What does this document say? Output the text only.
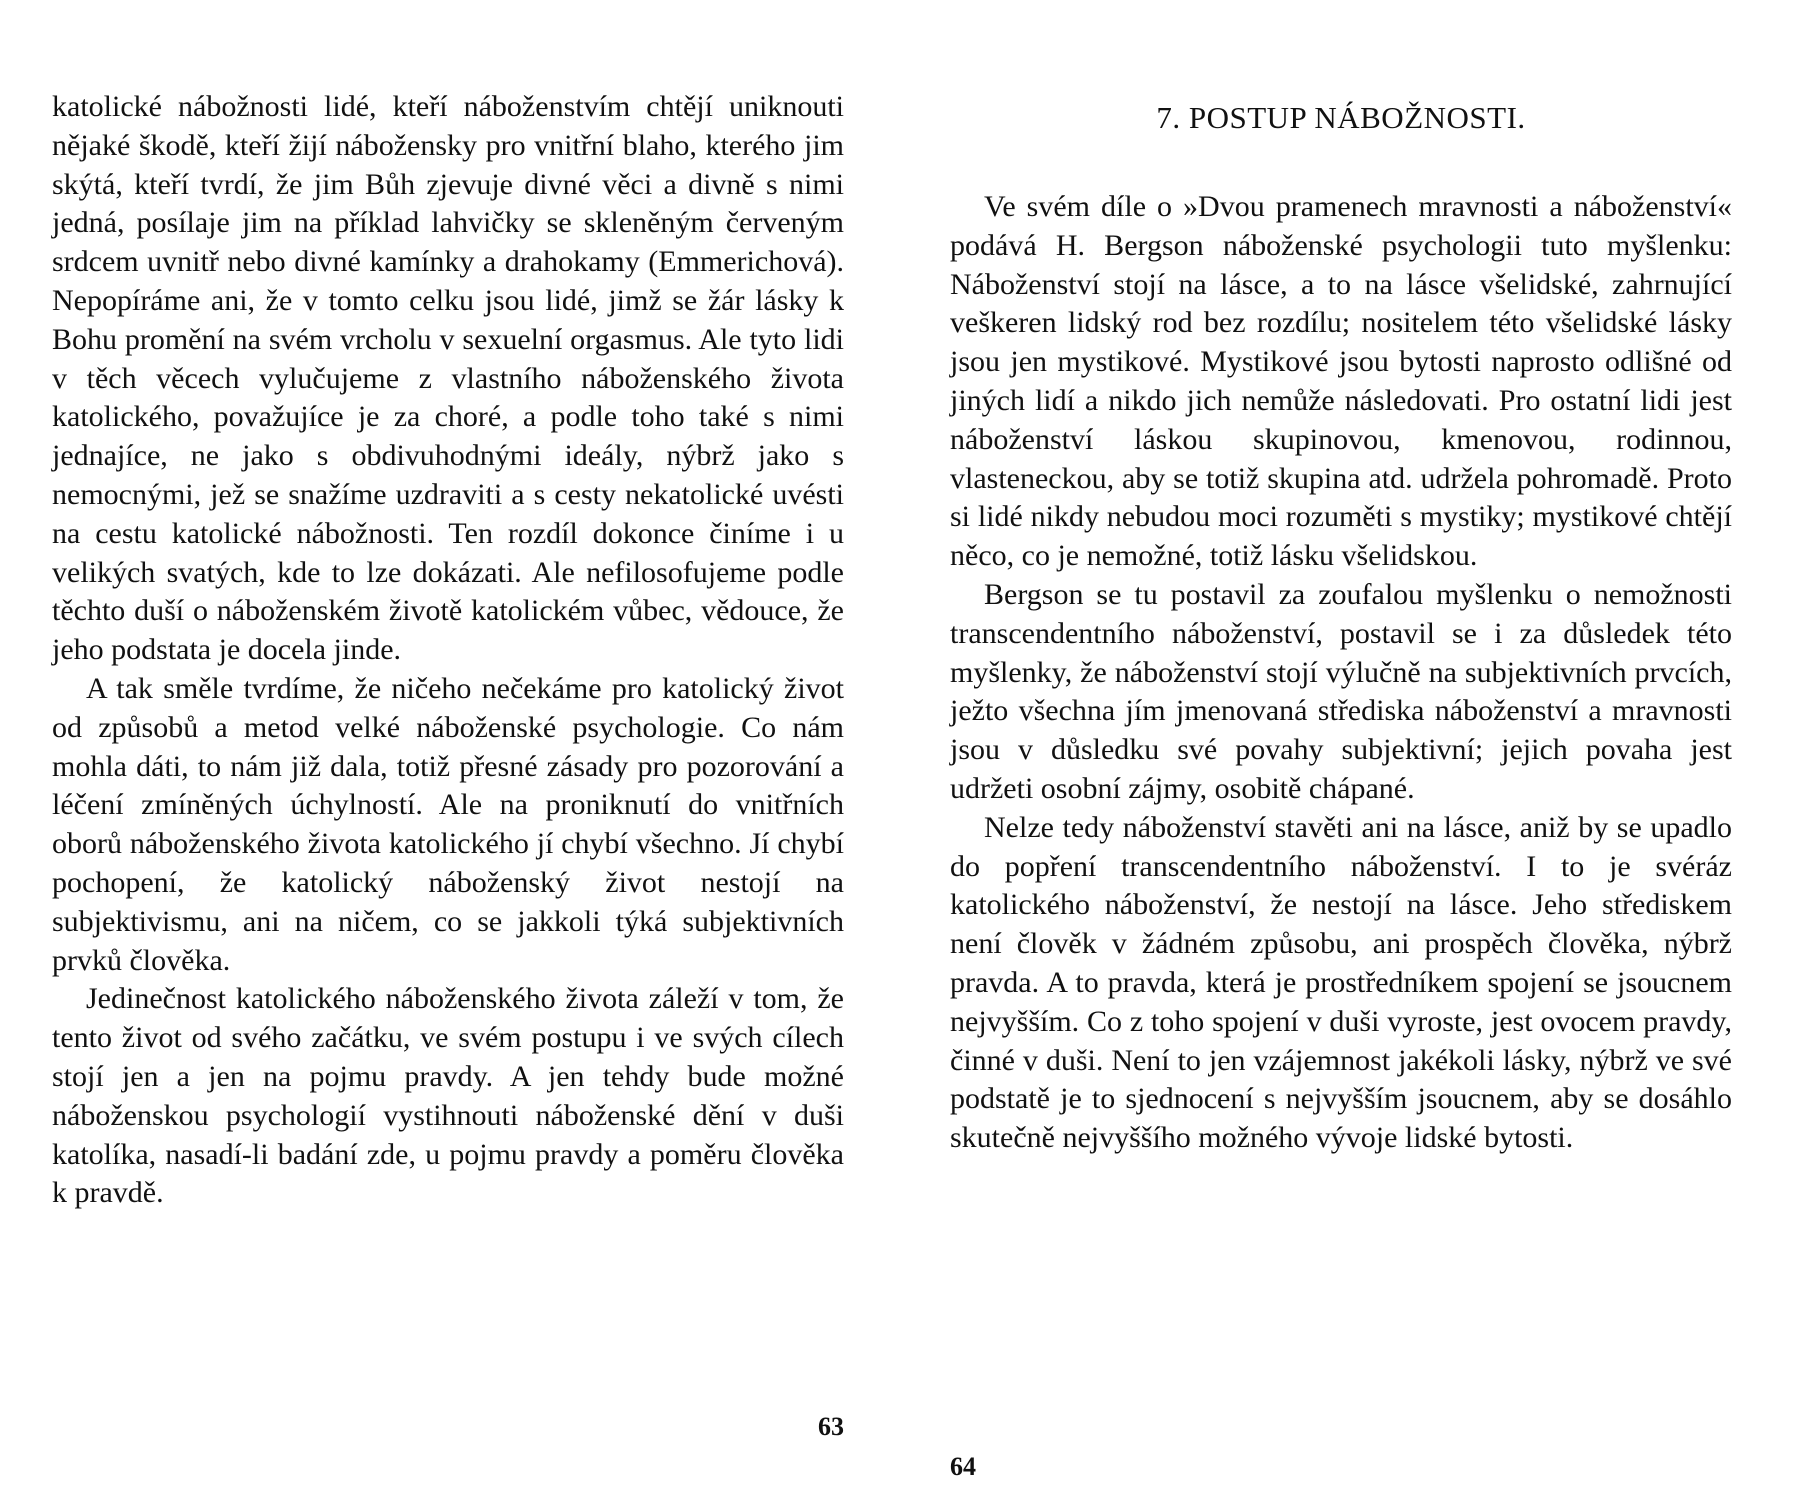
katolické nábožnosti lidé, kteří náboženstvím chtějí uniknouti nějaké škodě, kteří žijí nábožensky pro vnitřní blaho, kterého jim skýtá, kteří tvrdí, že jim Bůh zjevuje divné věci a divně s nimi jedná, posílaje jim na příklad lahvičky se skleněným červeným srdcem uvnitř nebo divné kamínky a drahokamy (Emmerichová). Nepopíráme ani, že v tomto celku jsou lidé, jimž se žár lásky k Bohu promění na svém vrcholu v sexuelní orgasmus. Ale tyto lidi v těch věcech vylučujeme z vlastního náboženského života katolického, považujíce je za choré, a podle toho také s nimi jednajíce, ne jako s obdivuhodnými ideály, nýbrž jako s nemocnými, jež se snažíme uzdraviti a s cesty nekatolické uvésti na cestu katolické nábožnosti. Ten rozdíl dokonce činíme i u velikých svatých, kde to lze dokázati. Ale nefilosofujeme podle těchto duší o náboženském životě katolickém vůbec, vědouce, že jeho podstata je docela jinde.

A tak směle tvrdíme, že ničeho nečekáme pro katolický život od způsobů a metod velké náboženské psychologie. Co nám mohla dáti, to nám již dala, totiž přesné zásady pro pozorování a léčení zmíněných úchylností. Ale na proniknutí do vnitřních oborů náboženského života katolického jí chybí všechno. Jí chybí pochopení, že katolický náboženský život nestojí na subjektivismu, ani na ničem, co se jakkoli týká subjektivních prvků člověka.

Jedinečnost katolického náboženského života záleží v tom, že tento život od svého začátku, ve svém postupu i ve svých cílech stojí jen a jen na pojmu pravdy. A jen tehdy bude možné náboženskou psychologií vystihnouti náboženské dění v duši katolíka, nasadí-li badání zde, u pojmu pravdy a poměru člověka k pravdě.

63
7. POSTUP NÁBOŽNOSTI.

Ve svém díle o »Dvou pramenech mravnosti a náboženství« podává H. Bergson náboženské psychologii tuto myšlenku: Náboženství stojí na lásce, a to na lásce všelidské, zahrnující veškeren lidský rod bez rozdílu; nositelem této všelidské lásky jsou jen mystikové. Mystikové jsou bytosti naprosto odlišné od jiných lidí a nikdo jich nemůže následovati. Pro ostatní lidi jest náboženství láskou skupinovou, kmenovou, rodinnou, vlasteneckou, aby se totiž skupina atd. udržela pohromadě. Proto si lidé nikdy nebudou moci rozuměti s mystiky; mystikové chtějí něco, co je nemožné, totiž lásku všelidskou.

Bergson se tu postavil za zoufalou myšlenku o nemožnosti transcendentního náboženství, postavil se i za důsledek této myšlenky, že náboženství stojí výlučně na subjektivních prvcích, ježto všechna jím jmenovaná střediska náboženství a mravnosti jsou v důsledku své povahy subjektivní; jejich povaha jest udržeti osobní zájmy, osobitě chápané.

Nelze tedy náboženství stavěti ani na lásce, aniž by se upadlo do popření transcendentního náboženství. I to je svéráz katolického náboženství, že nestojí na lásce. Jeho střediskem není člověk v žádném způsobu, ani prospěch člověka, nýbrž pravda. A to pravda, která je prostředníkem spojení se jsoucnem nejvyšším. Co z toho spojení v duši vyroste, jest ovocem pravdy, činné v duši. Není to jen vzájemnost jakékoli lásky, nýbrž ve své podstatě je to sjednocení s nejvyšším jsoucnem, aby se dosáhlo skutečně nejvyššího možného vývoje lidské bytosti.

64
